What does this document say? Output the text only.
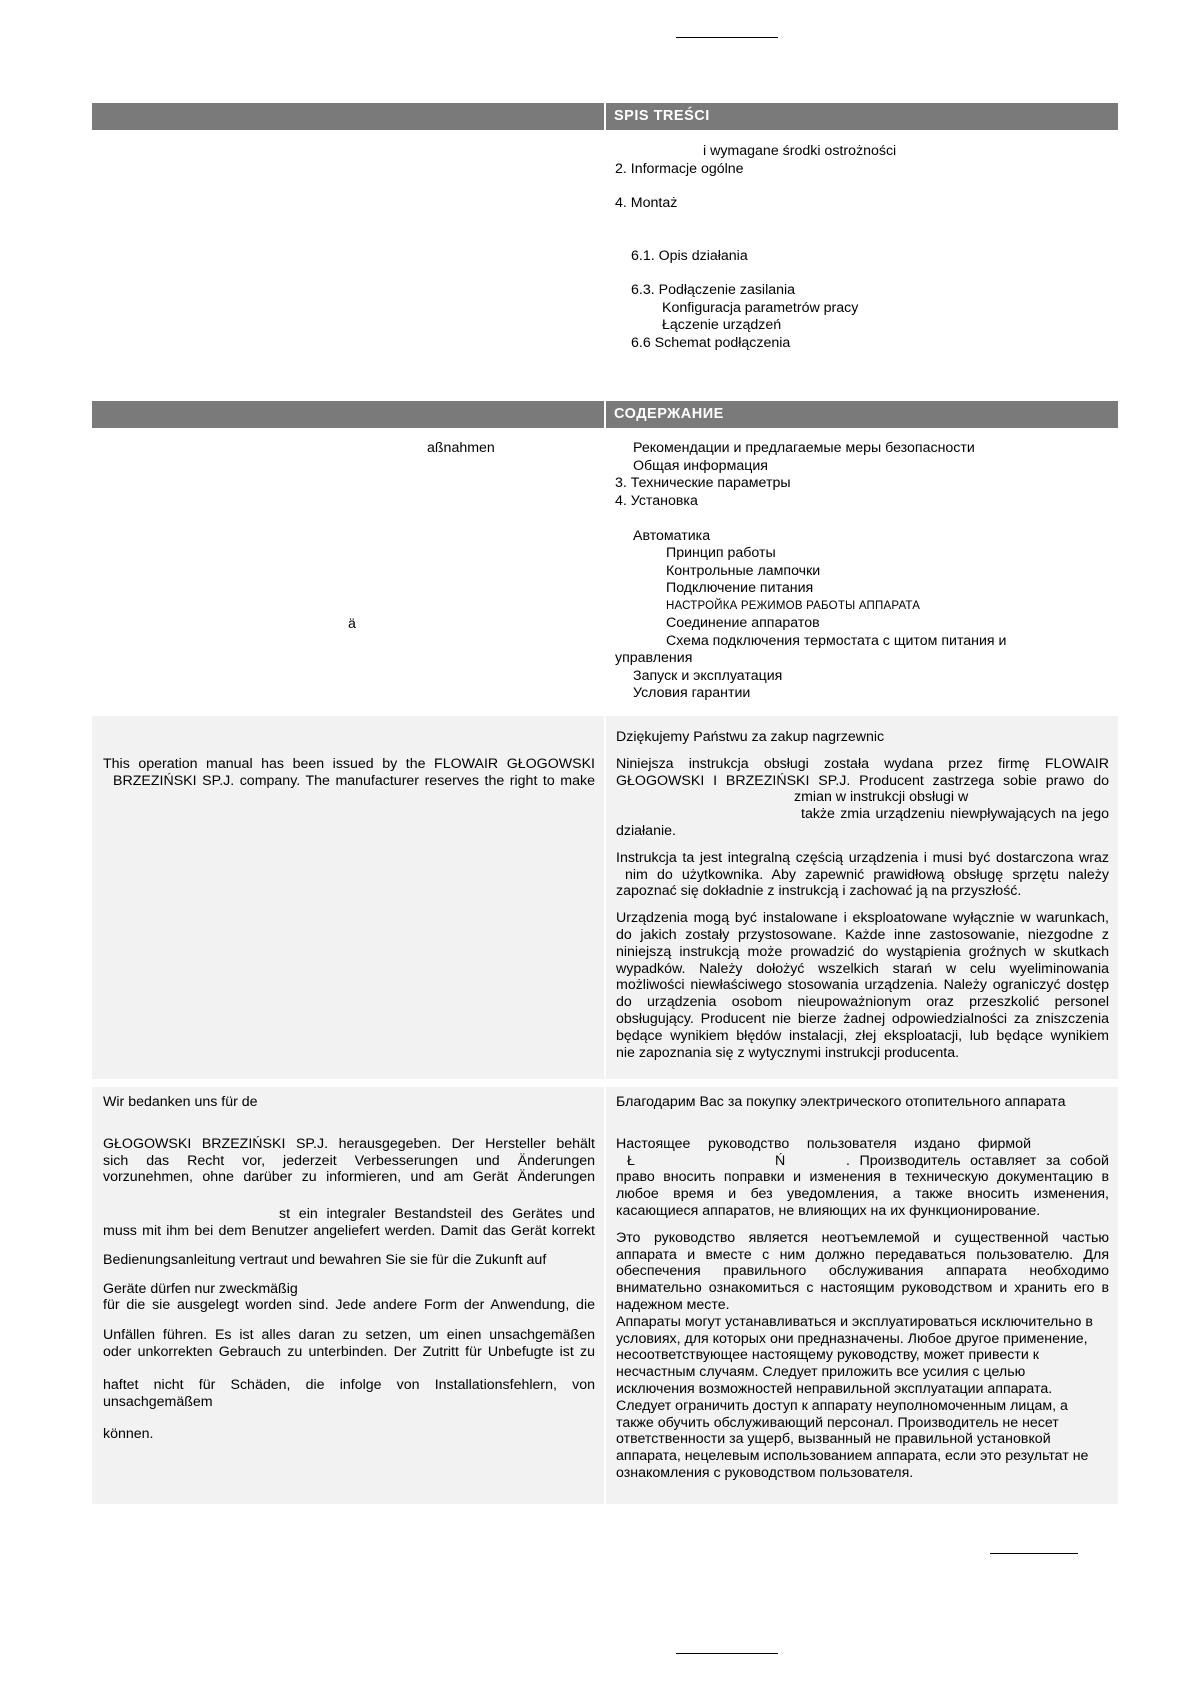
SPIS TREŚCI
i wymagane środki ostrożności
2. Informacje ogólne
4. Montaż
6.1. Opis działania
6.3. Podłączenie zasilania
Konfiguracja parametrów pracy
Łączenie urządzeń
6.6 Schemat podłączenia
СОДЕРЖАНИЕ
aßnahmen
ä
Рекомендации и предлагаемые меры безопасности
Общая информация
3. Технические параметры
4. Установка
Автоматика
Принцип работы
Контрольные лампочки
Подключение питания
НАСТРОЙКА РЕЖИМОВ РАБОТЫ АППАРАТА
Соединение аппаратов
Схема подключения термостата с щитом питания и
управления
Запуск и эксплуатация
Условия гарантии
This operation manual has been issued by the FLOWAIR GŁOGOWSKI
BRZEZIŃSKI SP.J. company. The manufacturer reserves the right to make
Dziękujemy Państwu za zakup nagrzewnic
Niniejsza instrukcja obsługi została wydana przez firmę FLOWAIR
GŁOGOWSKI I BRZEZIŃSKI SP.J. Producent zastrzega sobie prawo do
zmian w instrukcji obsługi w
także zmia urządzeniu niewpływających na jego
działanie.
Instrukcja ta jest integralną częścią urządzenia i musi być dostarczona wraz
nim do użytkownika. Aby zapewnić prawidłową obsługę sprzętu należy
zapoznać się dokładnie z instrukcją i zachować ją na przyszłość.
Urządzenia mogą być instalowane i eksploatowane wyłącznie w warunkach,
do jakich zostały przystosowane. Każde inne zastosowanie, niezgodne z
niniejszą instrukcją może prowadzić do wystąpienia groźnych w skutkach
wypadków. Należy dołożyć wszelkich starań w celu wyeliminowania
możliwości niewłaściwego stosowania urządzenia. Należy ograniczyć dostęp
do urządzenia osobom nieupoważnionym oraz przeszkolić personel
obsługujący. Producent nie bierze żadnej odpowiedzialności za zniszczenia
będące wynikiem błędów instalacji, złej eksploatacji, lub będące wynikiem
nie zapoznania się z wytycznymi instrukcji producenta.
Wir bedanken uns für de
GŁOGOWSKI BRZEZIŃSKI SP.J. herausgegeben. Der Hersteller behält
sich das Recht vor, jederzeit Verbesserungen und Änderungen
vorzunehmen, ohne darüber zu informieren, und am Gerät Änderungen
st ein integraler Bestandsteil des Gerätes und
muss mit ihm bei dem Benutzer angeliefert werden. Damit das Gerät korrekt
Bedienungsanleitung vertraut und bewahren Sie sie für die Zukunft auf
Geräte dürfen nur zweckmäßig
für die sie ausgelegt worden sind. Jede andere Form der Anwendung, die
Unfällen führen. Es ist alles daran zu setzen, um einen unsachgemäßen
oder unkorrekten Gebrauch zu unterbinden. Der Zutritt für Unbefugte ist zu
haftet nicht für Schäden, die infolge von Installationsfehlern, von
unsachgemäßem
können.
Благодарим Вас за покупку электрического отопительного аппарата
Настоящее руководство пользователя издано фирмой
Ł	Ń	. Производитель оставляет за собой
право вносить поправки и изменения в техническую документацию в
любое время и без уведомления, а также вносить изменения,
касающиеся аппаратов, не влияющих на их функционирование.
Это руководство является неотъемлемой и существенной частью
аппарата и вместе с ним должно передаваться пользователю. Для
обеспечения правильного обслуживания аппарата необходимо
внимательно ознакомиться с настоящим руководством и хранить его в
надежном месте.
Аппараты могут устанавливаться и эксплуатироваться исключительно в
условиях, для которых они предназначены. Любое другое применение,
несоответствующее настоящему руководству, может привести к
несчастным случаям. Следует приложить все усилия с целью
исключения возможностей неправильной эксплуатации аппарата.
Следует ограничить доступ к аппарату неуполномоченным лицам, а
также обучить обслуживающий персонал. Производитель не несет
ответственности за ущерб, вызванный не правильной установкой
аппарата, нецелевым использованием аппарата, если это результат не
ознакомления с руководством пользователя.
